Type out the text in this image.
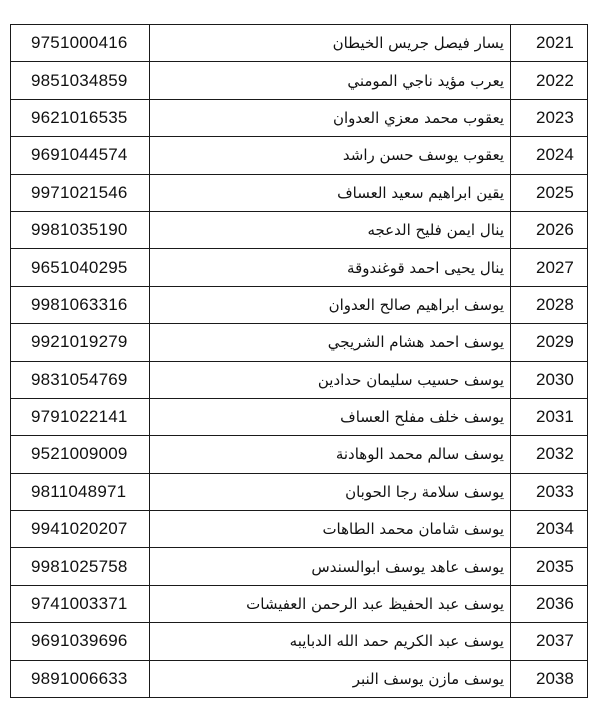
9751000416	يسار فيصل جريس الخيطان	2021
9851034859	يعرب مؤيد ناجي المومني	2022
9621016535	يعقوب محمد معزي العدوان	2023
9691044574	يعقوب يوسف حسن راشد	2024
9971021546	يقين ابراهيم سعيد العساف	2025
9981035190	ينال ايمن فليح الدعجه	2026
9651040295	ينال يحيى احمد قوغندوقة	2027
9981063316	يوسف ابراهيم صالح العدوان	2028
9921019279	يوسف احمد هشام الشريجي	2029
9831054769	يوسف حسيب سليمان حدادين	2030
9791022141	يوسف خلف مفلح العساف	2031
9521009009	يوسف سالم محمد الوهادنة	2032
9811048971	يوسف سلامة رجا الحوبان	2033
9941020207	يوسف شامان محمد الطاهات	2034
9981025758	يوسف عاهد يوسف ابوالسندس	2035
9741003371	يوسف عبد الحفيظ عبد الرحمن العفيشات	2036
9691039696	يوسف عبد الكريم حمد الله الدبايبه	2037
9891006633	يوسف مازن يوسف النبر	2038
